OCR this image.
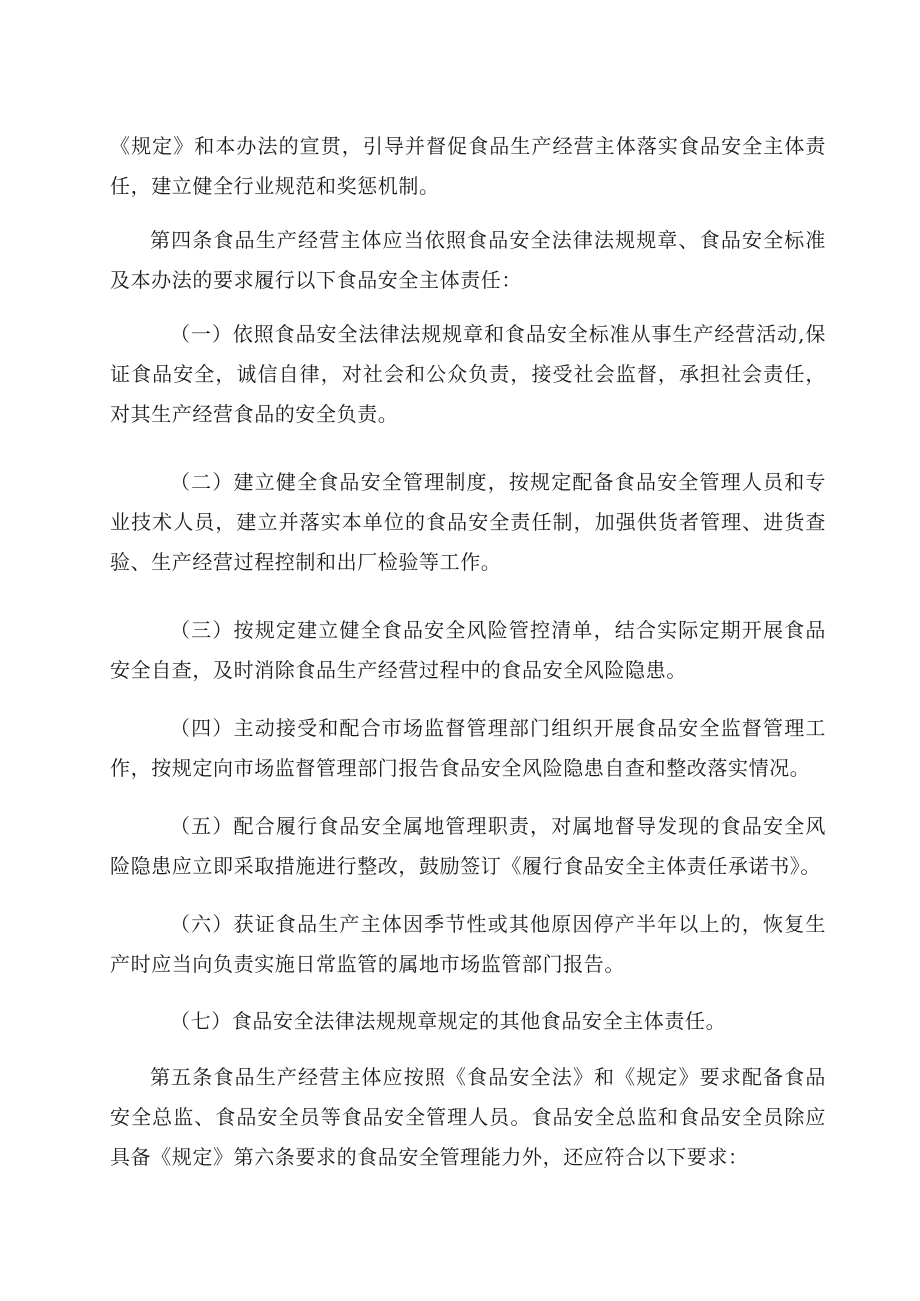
《规定》和本办法的宣贯，引导并督促食品生产经营主体落实食品安全主体责任，建立健全行业规范和奖惩机制。

第四条食品生产经营主体应当依照食品安全法律法规规章、食品安全标准及本办法的要求履行以下食品安全主体责任：

（一）依照食品安全法律法规规章和食品安全标准从事生产经营活动,保证食品安全，诚信自律，对社会和公众负责，接受社会监督，承担社会责任，对其生产经营食品的安全负责。

（二）建立健全食品安全管理制度，按规定配备食品安全管理人员和专业技术人员，建立并落实本单位的食品安全责任制，加强供货者管理、进货查验、生产经营过程控制和出厂检验等工作。

（三）按规定建立健全食品安全风险管控清单，结合实际定期开展食品安全自查，及时消除食品生产经营过程中的食品安全风险隐患。

（四）主动接受和配合市场监督管理部门组织开展食品安全监督管理工作，按规定向市场监督管理部门报告食品安全风险隐患自查和整改落实情况。

（五）配合履行食品安全属地管理职责，对属地督导发现的食品安全风险隐患应立即采取措施进行整改，鼓励签订《履行食品安全主体责任承诺书》。

（六）获证食品生产主体因季节性或其他原因停产半年以上的，恢复生产时应当向负责实施日常监管的属地市场监管部门报告。

（七）食品安全法律法规规章规定的其他食品安全主体责任。

第五条食品生产经营主体应按照《食品安全法》和《规定》要求配备食品安全总监、食品安全员等食品安全管理人员。食品安全总监和食品安全员除应具备《规定》第六条要求的食品安全管理能力外，还应符合以下要求：
